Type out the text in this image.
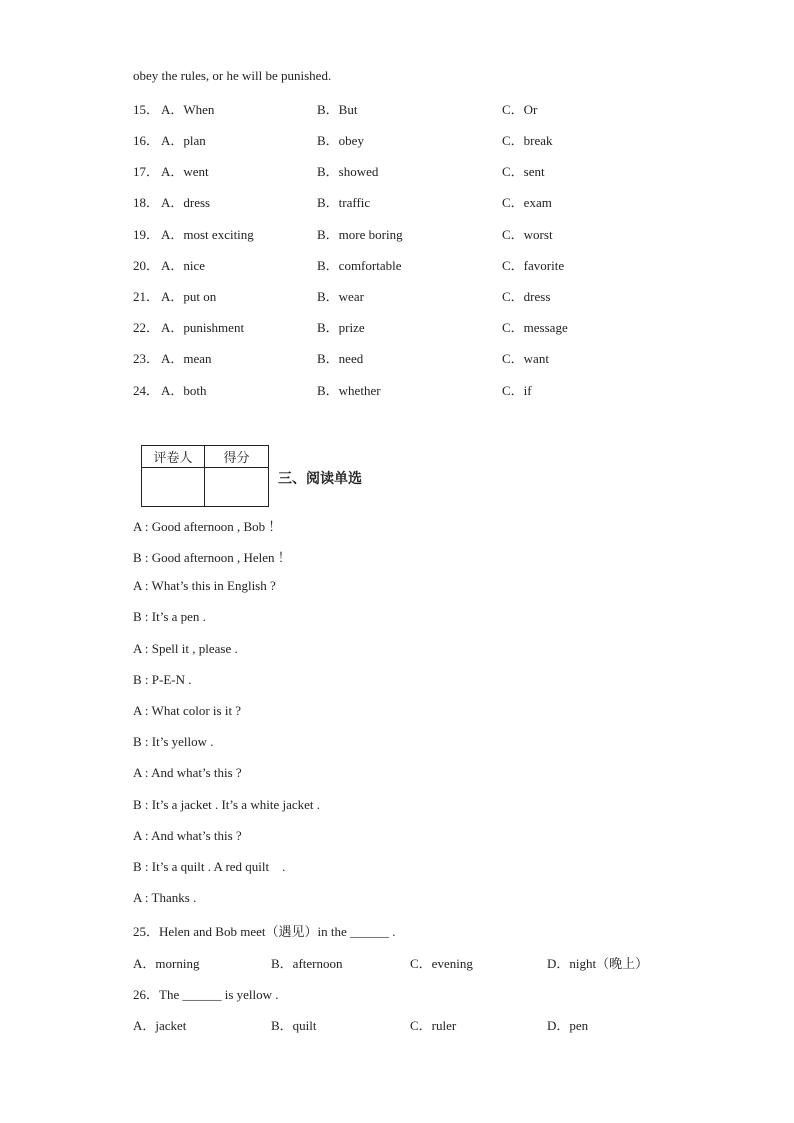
obey the rules, or he will be punished.
15． A．When	B．But	C．Or
16． A．plan	B．obey	C．break
17． A．went	B．showed	C．sent
18． A．dress	B．traffic	C．exam
19． A．most exciting	B．more boring	C．worst
20． A．nice	B．comfortable	C．favorite
21． A．put on	B．wear	C．dress
22． A．punishment	B．prize	C．message
23． A．mean	B．need	C．want
24． A．both	B．whether	C．if
评卷人	得分

三、阅读单选
A : Good afternoon , Bob ！
B : Good afternoon , Helen ！
A : What’s this in English ?
B : It’s a pen .
A : Spell it , please .
B : P-E-N .
A : What color is it ?
B : It’s yellow .
A : And what’s this ?
B : It’s a jacket . It’s a white jacket .
A : And what’s this ?
B : It’s a quilt . A red quilt    .
A : Thanks .
25．Helen and Bob meet（遇见）in the ______ .
A．morning	B．afternoon	C．evening	D．night（晚上）
26．The ______ is yellow .
A．jacket	B．quilt	C．ruler	D．pen
